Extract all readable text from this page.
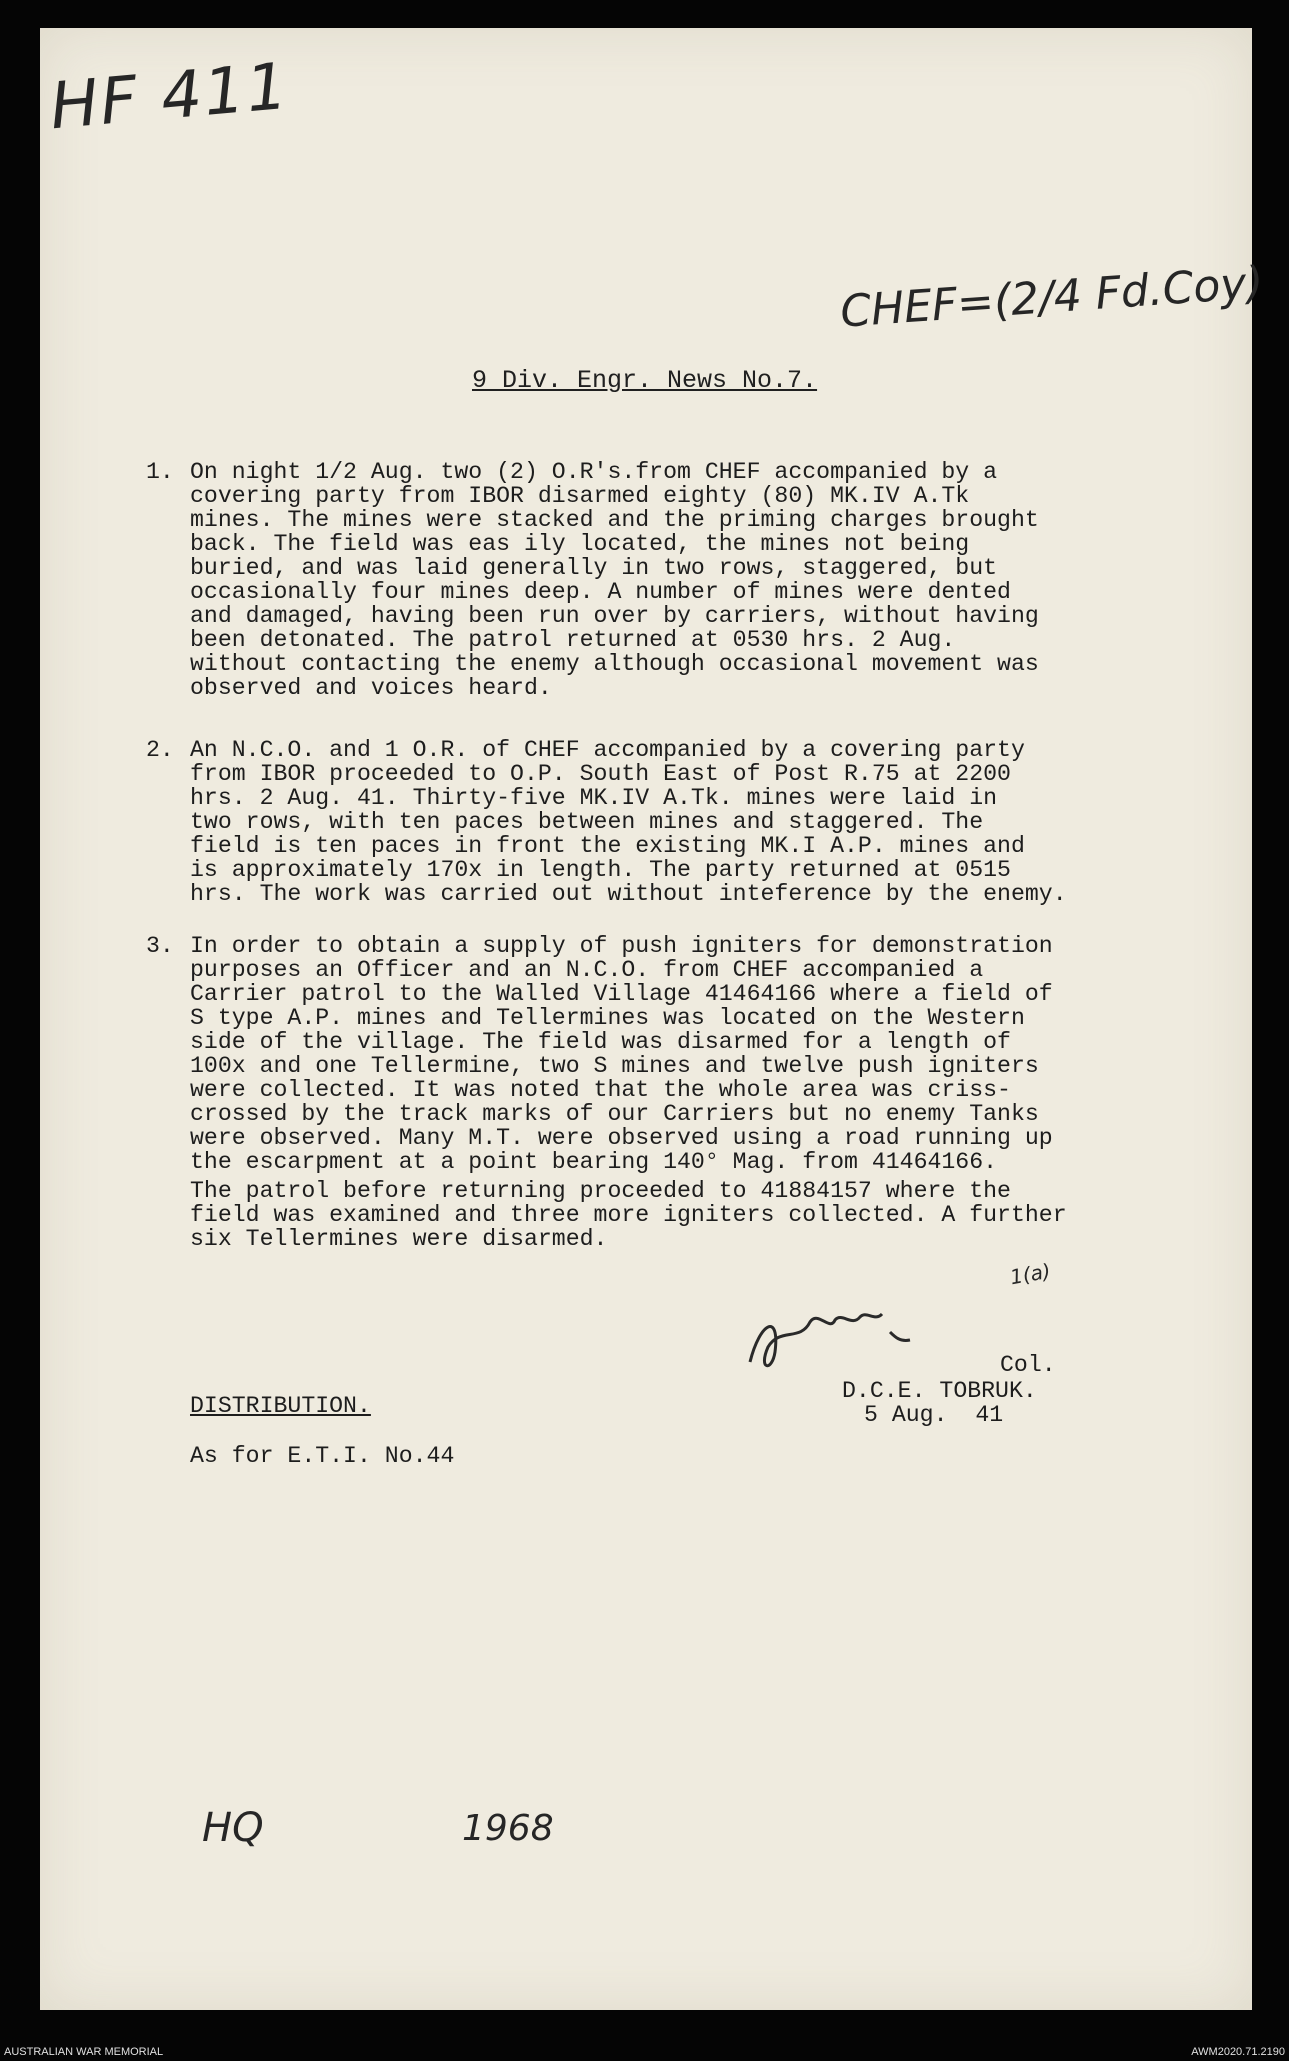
HF 411
CHEF=(2/4 Fd.Coy)
9 Div. Engr. News No.7.
1. On night 1/2 Aug. two (2) O.R's.from CHEF accompanied by a
covering party from IBOR disarmed eighty (80) MK.IV A.Tk
mines. The mines were stacked and the priming charges brought
back. The field was eas ily located, the mines not being
buried, and was laid generally in two rows, staggered, but
occasionally four mines deep. A number of mines were dented
and damaged, having been run over by carriers, without having
been detonated. The patrol returned at 0530 hrs. 2 Aug.
without contacting the enemy although occasional movement was
observed and voices heard.
2. An N.C.O. and 1 O.R. of CHEF accompanied by a covering party
from IBOR proceeded to O.P. South East of Post R.75 at 2200
hrs. 2 Aug. 41. Thirty-five MK.IV A.Tk. mines were laid in
two rows, with ten paces between mines and staggered. The
field is ten paces in front the existing MK.I A.P. mines and
is approximately 170x in length. The party returned at 0515
hrs. The work was carried out without inteference by the enemy.
3. In order to obtain a supply of push igniters for demonstration
purposes an Officer and an N.C.O. from CHEF accompanied a
Carrier patrol to the Walled Village 41464166 where a field of
S type A.P. mines and Tellermines was located on the Western
side of the village. The field was disarmed for a length of
100x and one Tellermine, two S mines and twelve push igniters
were collected. It was noted that the whole area was criss-
crossed by the track marks of our Carriers but no enemy Tanks
were observed. Many M.T. were observed using a road running up
the escarpment at a point bearing 140° Mag. from 41464166.
The patrol before returning proceeded to 41884157 where the
field was examined and three more igniters collected. A further
six Tellermines were disarmed.
1(a)
Col.
D.C.E. TOBRUK.
5 Aug.  41
DISTRIBUTION.
As for E.T.I. No.44
HQ	1968
AUSTRALIAN WAR MEMORIAL	AWM2020.71.2190
